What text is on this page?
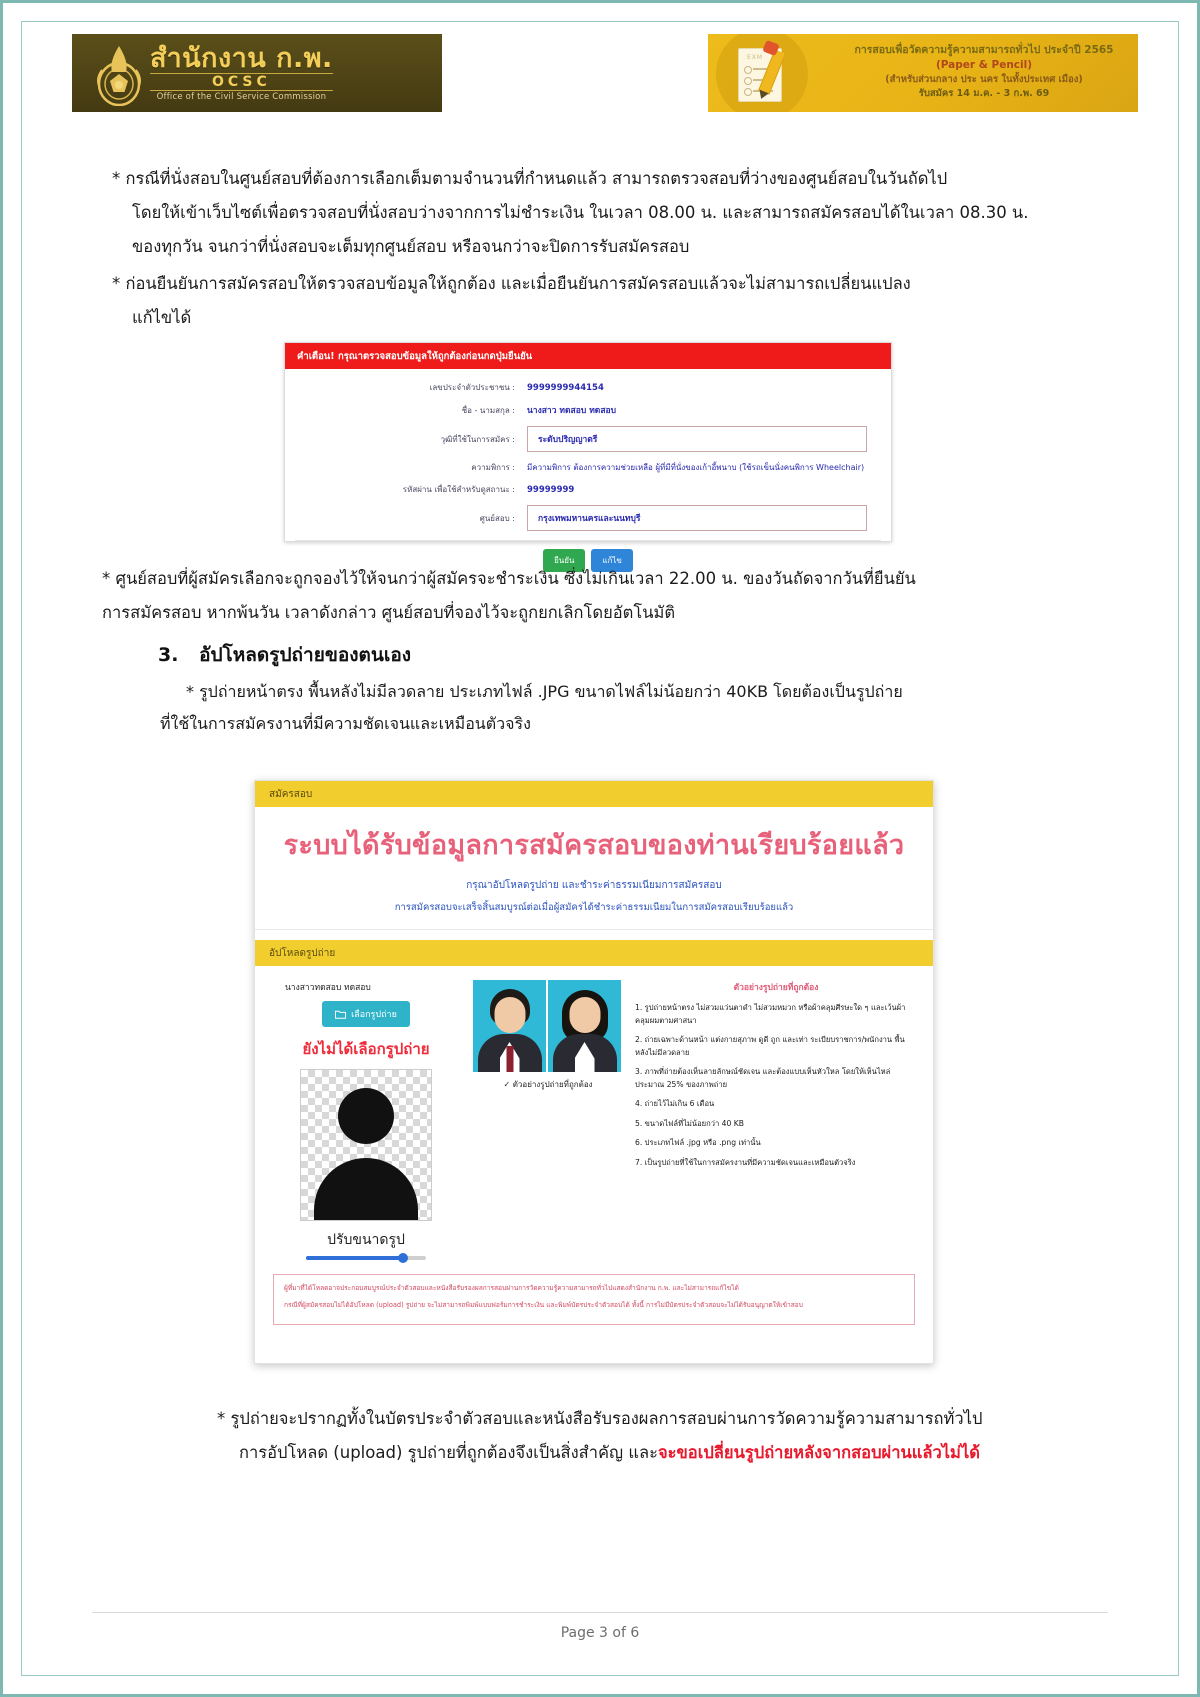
สำนักงาน ก.พ.
OCSC
Office of the Civil Service Commission
EXM
การสอบเพื่อวัดความรู้ความสามารถทั่วไป ประจำปี 2565
(Paper & Pencil)
(สำหรับส่วนกลาง ประ นคร ในทั้งประเทศ เมือง)
รับสมัคร 14 ม.ค. - 3 ก.พ. 69
* กรณีที่นั่งสอบในศูนย์สอบที่ต้องการเลือกเต็มตามจำนวนที่กำหนดแล้ว สามารถตรวจสอบที่ว่างของศูนย์สอบในวันถัดไป
โดยให้เข้าเว็บไซต์เพื่อตรวจสอบที่นั่งสอบว่างจากการไม่ชำระเงิน ในเวลา 08.00 น. และสามารถสมัครสอบได้ในเวลา 08.30 น.
ของทุกวัน จนกว่าที่นั่งสอบจะเต็มทุกศูนย์สอบ หรือจนกว่าจะปิดการรับสมัครสอบ
* ก่อนยืนยันการสมัครสอบให้ตรวจสอบข้อมูลให้ถูกต้อง และเมื่อยืนยันการสมัครสอบแล้วจะไม่สามารถเปลี่ยนแปลง
แก้ไขได้
คำเตือน! กรุณาตรวจสอบข้อมูลให้ถูกต้องก่อนกดปุ่มยืนยัน
เลขประจำตัวประชาชน :	9999999944154
ชื่อ - นามสกุล :	นางสาว ทดสอบ ทดสอบ
วุฒิที่ใช้ในการสมัคร :	ระดับปริญญาตรี
ความพิการ :	มีความพิการ ต้องการความช่วยเหลือ ผู้ที่มีที่นั่งของเก้าอี้พนาบ (ใช้รถเข็นนั่งคนพิการ Wheelchair)
รหัสผ่าน เพื่อใช้สำหรับดูสถานะ :	99999999
ศูนย์สอบ :	กรุงเทพมหานครและนนทบุรี
ยืนยัน	แก้ไข
* ศูนย์สอบที่ผู้สมัครเลือกจะถูกจองไว้ให้จนกว่าผู้สมัครจะชำระเงิน ซึ่งไม่เกินเวลา 22.00 น. ของวันถัดจากวันที่ยืนยัน
การสมัครสอบ หากพ้นวัน เวลาดังกล่าว ศูนย์สอบที่จองไว้จะถูกยกเลิกโดยอัตโนมัติ
3. อัปโหลดรูปถ่ายของตนเอง
* รูปถ่ายหน้าตรง พื้นหลังไม่มีลวดลาย ประเภทไฟล์ .JPG ขนาดไฟล์ไม่น้อยกว่า 40KB โดยต้องเป็นรูปถ่าย
ที่ใช้ในการสมัครงานที่มีความชัดเจนและเหมือนตัวจริง
สมัครสอบ
ระบบได้รับข้อมูลการสมัครสอบของท่านเรียบร้อยแล้ว
กรุณาอัปโหลดรูปถ่าย และชำระค่าธรรมเนียมการสมัครสอบ
การสมัครสอบจะเสร็จสิ้นสมบูรณ์ต่อเมื่อผู้สมัครได้ชำระค่าธรรมเนียมในการสมัครสอบเรียบร้อยแล้ว
อัปโหลดรูปถ่าย
นางสาวทดสอบ ทดสอบ
เลือกรูปถ่าย
ยังไม่ได้เลือกรูปถ่าย
ปรับขนาดรูป
✓ ตัวอย่างรูปถ่ายที่ถูกต้อง
ตัวอย่างรูปถ่ายที่ถูกต้อง
1. รูปถ่ายหน้าตรง ไม่สวมแว่นตาดำ ไม่สวมหมวก หรือผ้าคลุมศีรษะใด ๆ และเว้นผ้าคลุมผมตามศาสนา
2. ถ่ายเฉพาะด้านหน้า แต่งกายสุภาพ ดูดี ถูก และเท่า ระเบียบราชการ/พนักงาน พื้นหลังไม่มีลวดลาย
3. ภาพที่ถ่ายต้องเห็นลายลักษณ์ชัดเจน และต้องแบบเห็นหัวใหล โดยให้เห็นไหล่ประมาณ 25% ของภาพถ่าย
4. ถ่ายไว้ไม่เกิน 6 เดือน
5. ขนาดไฟล์ที่ไม่น้อยกว่า 40 KB
6. ประเภทไฟล์ .jpg หรือ .png เท่านั้น
7. เป็นรูปถ่ายที่ใช้ในการสมัครงานที่มีความชัดเจนและเหมือนตัวจริง

ผู้ที่มาที่ได้โหลดอาจประกอบสมบูรณ์ประจำตัวสอบและหนังสือรับรองผลการสอบผ่านการวัดความรู้ความสามารถทั่วไปแสดงสำนักงาน ก.พ. และไม่สามารถแก้ไขได้

กรณีที่ผู้สมัครสอบไม่ได้อัปโหลด (upload) รูปถ่าย จะไม่สามารถพิมพ์แบบฟอร์มการชำระเงิน และพิมพ์บัตรประจำตัวสอบได้ ทั้งนี้ การไม่มีบัตรประจำตัวสอบจะไม่ได้รับอนุญาตให้เข้าสอบ

* รูปถ่ายจะปรากฏทั้งในบัตรประจำตัวสอบและหนังสือรับรองผลการสอบผ่านการวัดความรู้ความสามารถทั่วไป
การอัปโหลด (upload) รูปถ่ายที่ถูกต้องจึงเป็นสิ่งสำคัญ และจะขอเปลี่ยนรูปถ่ายหลังจากสอบผ่านแล้วไม่ได้
Page 3 of 6
